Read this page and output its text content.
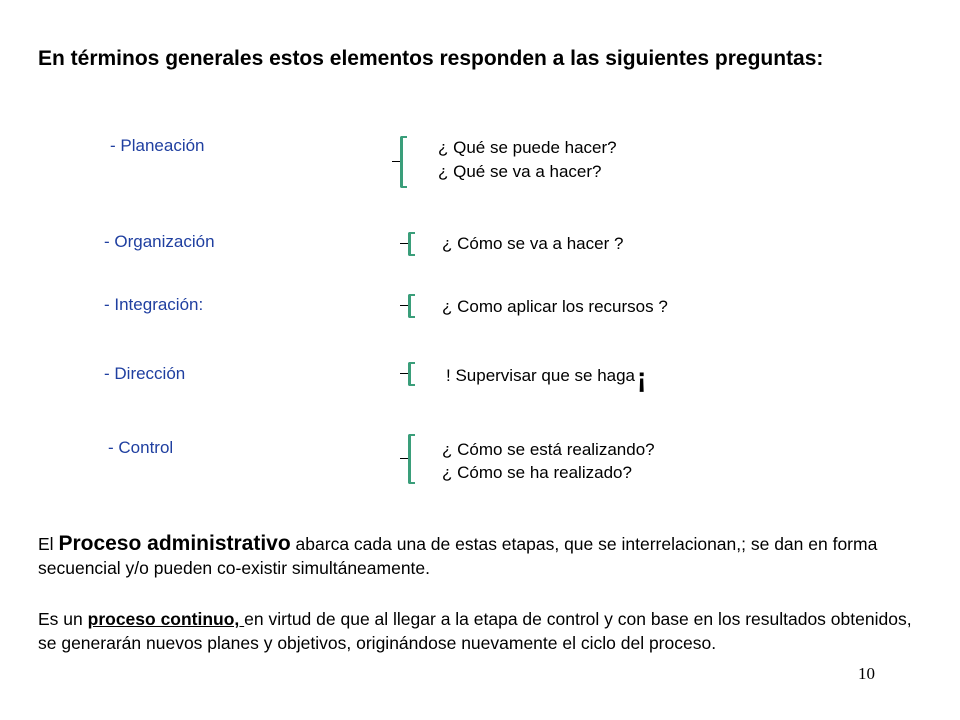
En términos generales estos elementos responden a las siguientes preguntas:
- Planeación	¿ Qué se puede hacer?
¿ Qué se va a hacer?
- Organización	¿ Cómo se va a hacer ?
- Integración:	¿ Como aplicar los recursos ?
- Dirección	! Supervisar que se haga¡
- Control	¿ Cómo se está realizando?
¿ Cómo se ha realizado?
El Proceso administrativo abarca cada una de estas etapas, que se interrelacionan,; se dan en forma secuencial y/o pueden co-existir simultáneamente.
Es un proceso continuo, en virtud de que al llegar a la etapa de control y con base en los resultados obtenidos, se generarán nuevos planes y objetivos, originándose nuevamente el ciclo del proceso.
10
